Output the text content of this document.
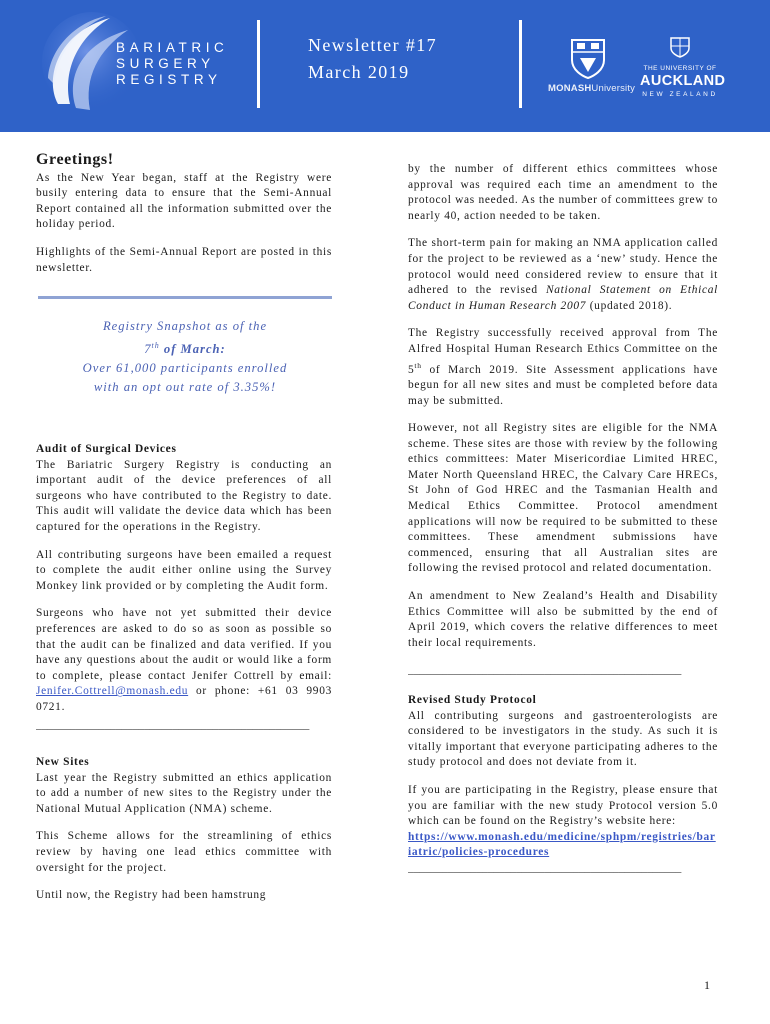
BARIATRIC
SURGERY
REGISTRY
Newsletter #17
March 2019
MONASHUniversity
THE UNIVERSITY OF
AUCKLAND
NEW ZEALAND
Greetings!

As the New Year began, staff at the Registry were busily entering data to ensure that the Semi-Annual Report contained all the information submitted over the holiday period.

Highlights of the Semi-Annual Report are posted in this newsletter.

Registry Snapshot as of the
7th of March:
Over 61,000 participants enrolled
with an opt out rate of 3.35%!
Audit of Surgical Devices

The Bariatric Surgery Registry is conducting an important audit of the device preferences of all surgeons who have contributed to the Registry to date. This audit will validate the device data which has been captured for the operations in the Registry.

All contributing surgeons have been emailed a request to complete the audit either online using the Survey Monkey link provided or by completing the Audit form.

Surgeons who have not yet submitted their device preferences are asked to do so as soon as possible so that the audit can be finalized and data verified. If you have any questions about the audit or would like a form to complete, please contact Jenifer Cottrell by email: Jenifer.Cottrell@monash.edu or phone: +61 03 9903 0721.

________________________________________________
New Sites

Last year the Registry submitted an ethics application to add a number of new sites to the Registry under the National Mutual Application (NMA) scheme.

This Scheme allows for the streamlining of ethics review by having one lead ethics committee with oversight for the project.

Until now, the Registry had been hamstrung

by the number of different ethics committees whose approval was required each time an amendment to the protocol was needed. As the number of committees grew to nearly 40, action needed to be taken.

The short-term pain for making an NMA application called for the project to be reviewed as a ‘new’ study. Hence the protocol would need considered review to ensure that it adhered to the revised National Statement on Ethical Conduct in Human Research 2007 (updated 2018).

The Registry successfully received approval from The Alfred Hospital Human Research Ethics Committee on the 5th of March 2019. Site Assessment applications have begun for all new sites and must be completed before data may be submitted.

However, not all Registry sites are eligible for the NMA scheme. These sites are those with review by the following ethics committees: Mater Misericordiae Limited HREC, Mater North Queensland HREC, the Calvary Care HRECs, St John of God HREC and the Tasmanian Health and Medical Ethics Committee. Protocol amendment applications will now be required to be submitted to these committees. These amendment submissions have commenced, ensuring that all Australian sites are following the revised protocol and related documentation.

An amendment to New Zealand’s Health and Disability Ethics Committee will also be submitted by the end of April 2019, which covers the relative differences to meet their local requirements.

________________________________________________
Revised Study Protocol

All contributing surgeons and gastroenterologists are considered to be investigators in the study. As such it is vitally important that everyone participating adheres to the study protocol and does not deviate from it.

If you are participating in the Registry, please ensure that you are familiar with the new study Protocol version 5.0 which can be found on the Registry’s website here:
https://www.monash.edu/medicine/sphpm/registries/bariatric/policies-procedures

________________________________________________
1
